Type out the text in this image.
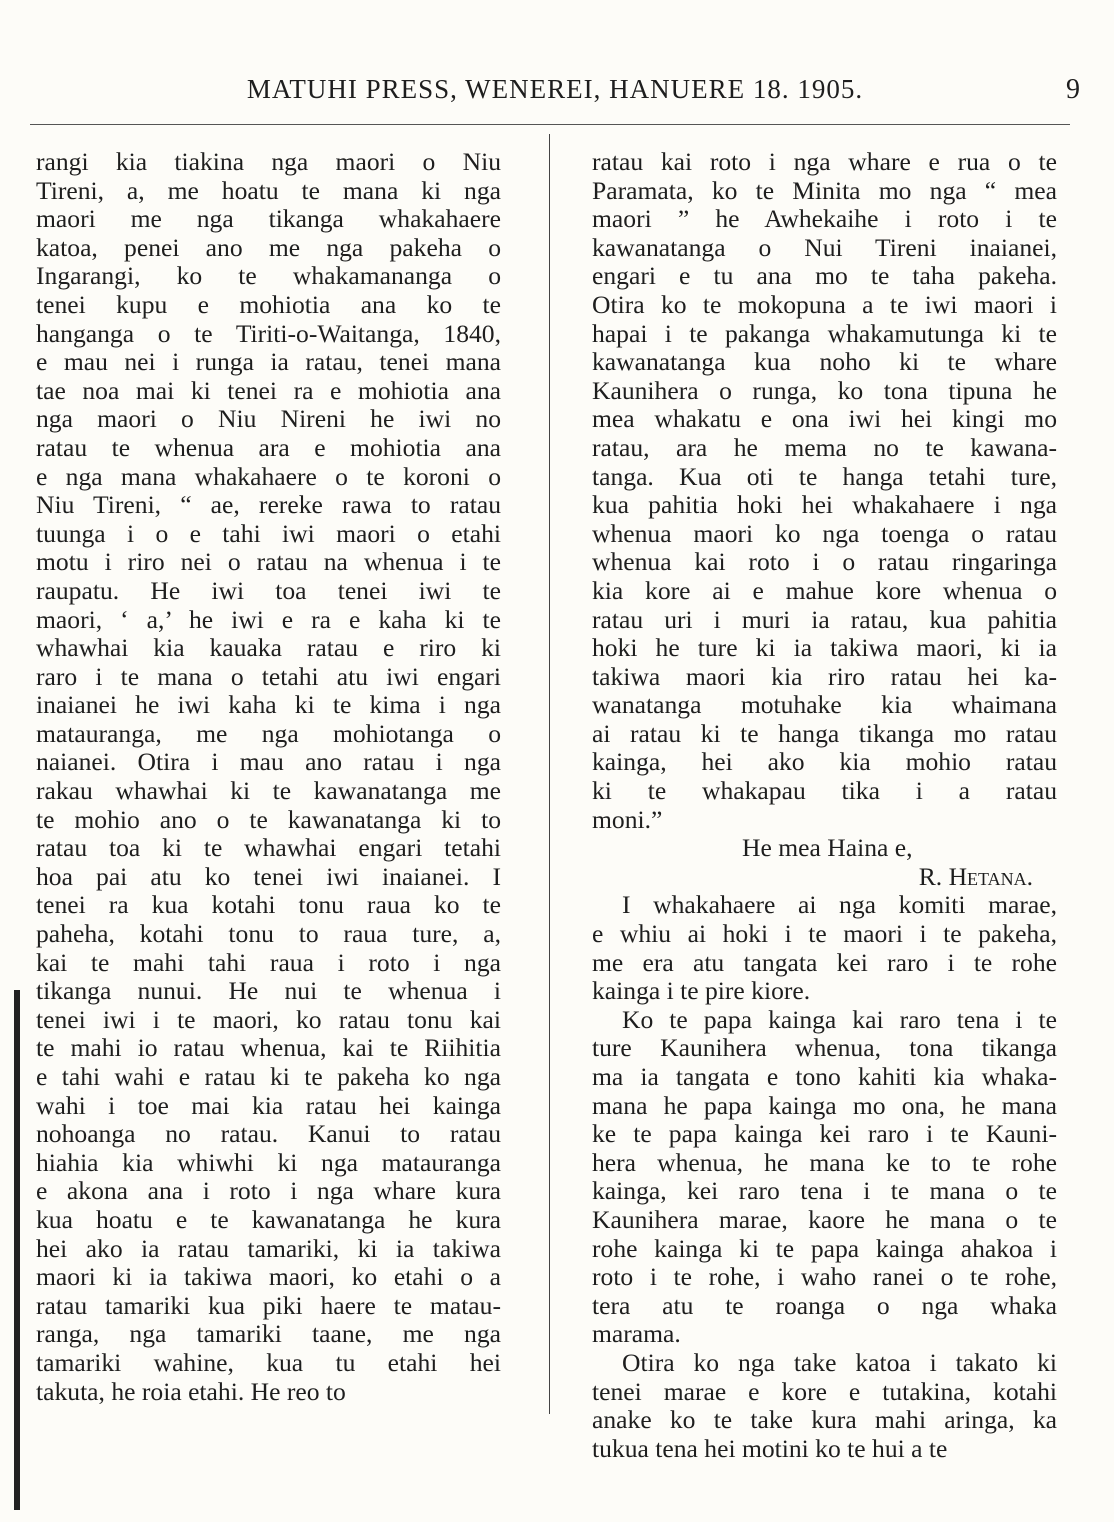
MATUHI PRESS, WENEREI, HANUERE 18. 1905.	9
rangi kia tiakina nga maori o Niu
Tireni, a, me hoatu te mana ki nga
maori me nga tikanga whakahaere
katoa, penei ano me nga pakeha o
Ingarangi, ko te whakamananga o
tenei kupu e mohiotia ana ko te
hanganga o te Tiriti-o-Waitanga, 1840,
e mau nei i runga ia ratau, tenei mana
tae noa mai ki tenei ra e mohiotia ana
nga maori o Niu Nireni he iwi no
ratau te whenua ara e mohiotia ana
e nga mana whakahaere o te koroni o
Niu Tireni, “ ae, rereke rawa to ratau
tuunga i o e tahi iwi maori o etahi
motu i riro nei o ratau na whenua i te
raupatu. He iwi toa tenei iwi te
maori, ‘ a,’ he iwi e ra e kaha ki te
whawhai kia kauaka ratau e riro ki
raro i te mana o tetahi atu iwi engari
inaianei he iwi kaha ki te kima i nga
matauranga, me nga mohiotanga o
naianei. Otira i mau ano ratau i nga
rakau whawhai ki te kawanatanga me
te mohio ano o te kawanatanga ki to
ratau toa ki te whawhai engari tetahi
hoa pai atu ko tenei iwi inaianei. I
tenei ra kua kotahi tonu raua ko te
paheha, kotahi tonu to raua ture, a,
kai te mahi tahi raua i roto i nga
tikanga nunui. He nui te whenua i
tenei iwi i te maori, ko ratau tonu kai
te mahi io ratau whenua, kai te Riihitia
e tahi wahi e ratau ki te pakeha ko nga
wahi i toe mai kia ratau hei kainga
nohoanga no ratau. Kanui to ratau
hiahia kia whiwhi ki nga matauranga
e akona ana i roto i nga whare kura
kua hoatu e te kawanatanga he kura
hei ako ia ratau tamariki, ki ia takiwa
maori ki ia takiwa maori, ko etahi o a
ratau tamariki kua piki haere te matau-
ranga, nga tamariki taane, me nga
tamariki wahine, kua tu etahi hei
takuta, he roia etahi. He reo to
ratau kai roto i nga whare e rua o te
Paramata, ko te Minita mo nga “ mea
maori ” he Awhekaihe i roto i te
kawanatanga o Nui Tireni inaianei,
engari e tu ana mo te taha pakeha.
Otira ko te mokopuna a te iwi maori i
hapai i te pakanga whakamutunga ki te
kawanatanga kua noho ki te whare
Kaunihera o runga, ko tona tipuna he
mea whakatu e ona iwi hei kingi mo
ratau, ara he mema no te kawana-
tanga. Kua oti te hanga tetahi ture,
kua pahitia hoki hei whakahaere i nga
whenua maori ko nga toenga o ratau
whenua kai roto i o ratau ringaringa
kia kore ai e mahue kore whenua o
ratau uri i muri ia ratau, kua pahitia
hoki he ture ki ia takiwa maori, ki ia
takiwa maori kia riro ratau hei ka-
wanatanga motuhake kia whaimana
ai ratau ki te hanga tikanga mo ratau
kainga, hei ako kia mohio ratau
ki te whakapau tika i a ratau
moni.”
He mea Haina e,
R. Hetana.
I whakahaere ai nga komiti marae,
e whiu ai hoki i te maori i te pakeha,
me era atu tangata kei raro i te rohe
kainga i te pire kiore.
Ko te papa kainga kai raro tena i te
ture Kaunihera whenua, tona tikanga
ma ia tangata e tono kahiti kia whaka-
mana he papa kainga mo ona, he mana
ke te papa kainga kei raro i te Kauni-
hera whenua, he mana ke to te rohe
kainga, kei raro tena i te mana o te
Kaunihera marae, kaore he mana o te
rohe kainga ki te papa kainga ahakoa i
roto i te rohe, i waho ranei o te rohe,
tera atu te roanga o nga whaka
marama.
Otira ko nga take katoa i takato ki
tenei marae e kore e tutakina, kotahi
anake ko te take kura mahi aringa, ka
tukua tena hei motini ko te hui a te
